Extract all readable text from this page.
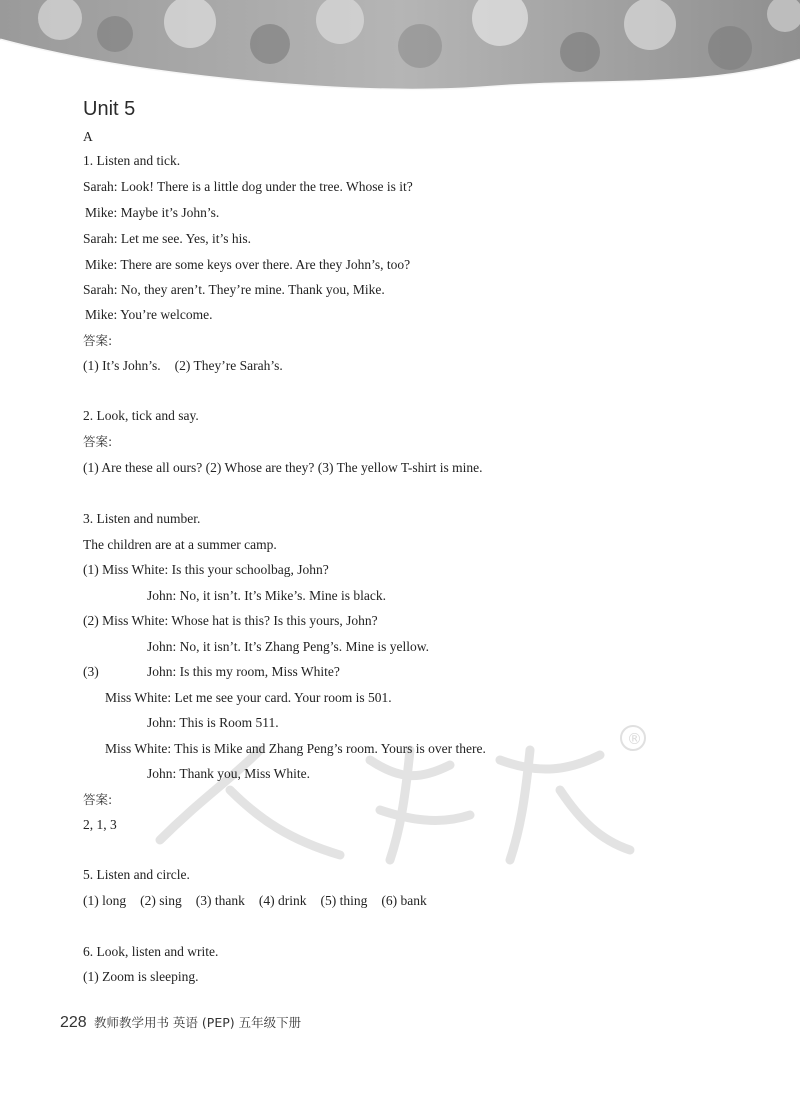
®
Unit 5
A
1. Listen and tick.
Sarah: Look! There is a little dog under the tree. Whose is it?
Mike: Maybe it’s John’s.
Sarah: Let me see. Yes, it’s his.
Mike: There are some keys over there. Are they John’s, too?
Sarah: No, they aren’t. They’re mine. Thank you, Mike.
Mike: You’re welcome.
答案:
(1) It’s John’s. (2) They’re Sarah’s.
2. Look, tick and say.
答案:
(1) Are these all ours? (2) Whose are they? (3) The yellow T-shirt is mine.
3. Listen and number.
The children are at a summer camp.
(1) Miss White: Is this your schoolbag, John?
John: No, it isn’t. It’s Mike’s. Mine is black.
(2) Miss White: Whose hat is this? Is this yours, John?
John: No, it isn’t. It’s Zhang Peng’s. Mine is yellow.
(3)	John: Is this my room, Miss White?
Miss White: Let me see your card. Your room is 501.
John: This is Room 511.
Miss White: This is Mike and Zhang Peng’s room. Yours is over there.
John: Thank you, Miss White.
答案:
2, 1, 3
5. Listen and circle.
(1) long (2) sing (3) thank (4) drink (5) thing (6) bank
6. Look, listen and write.
(1) Zoom is sleeping.
228 教师教学用书 英语 (PEP) 五年级下册
